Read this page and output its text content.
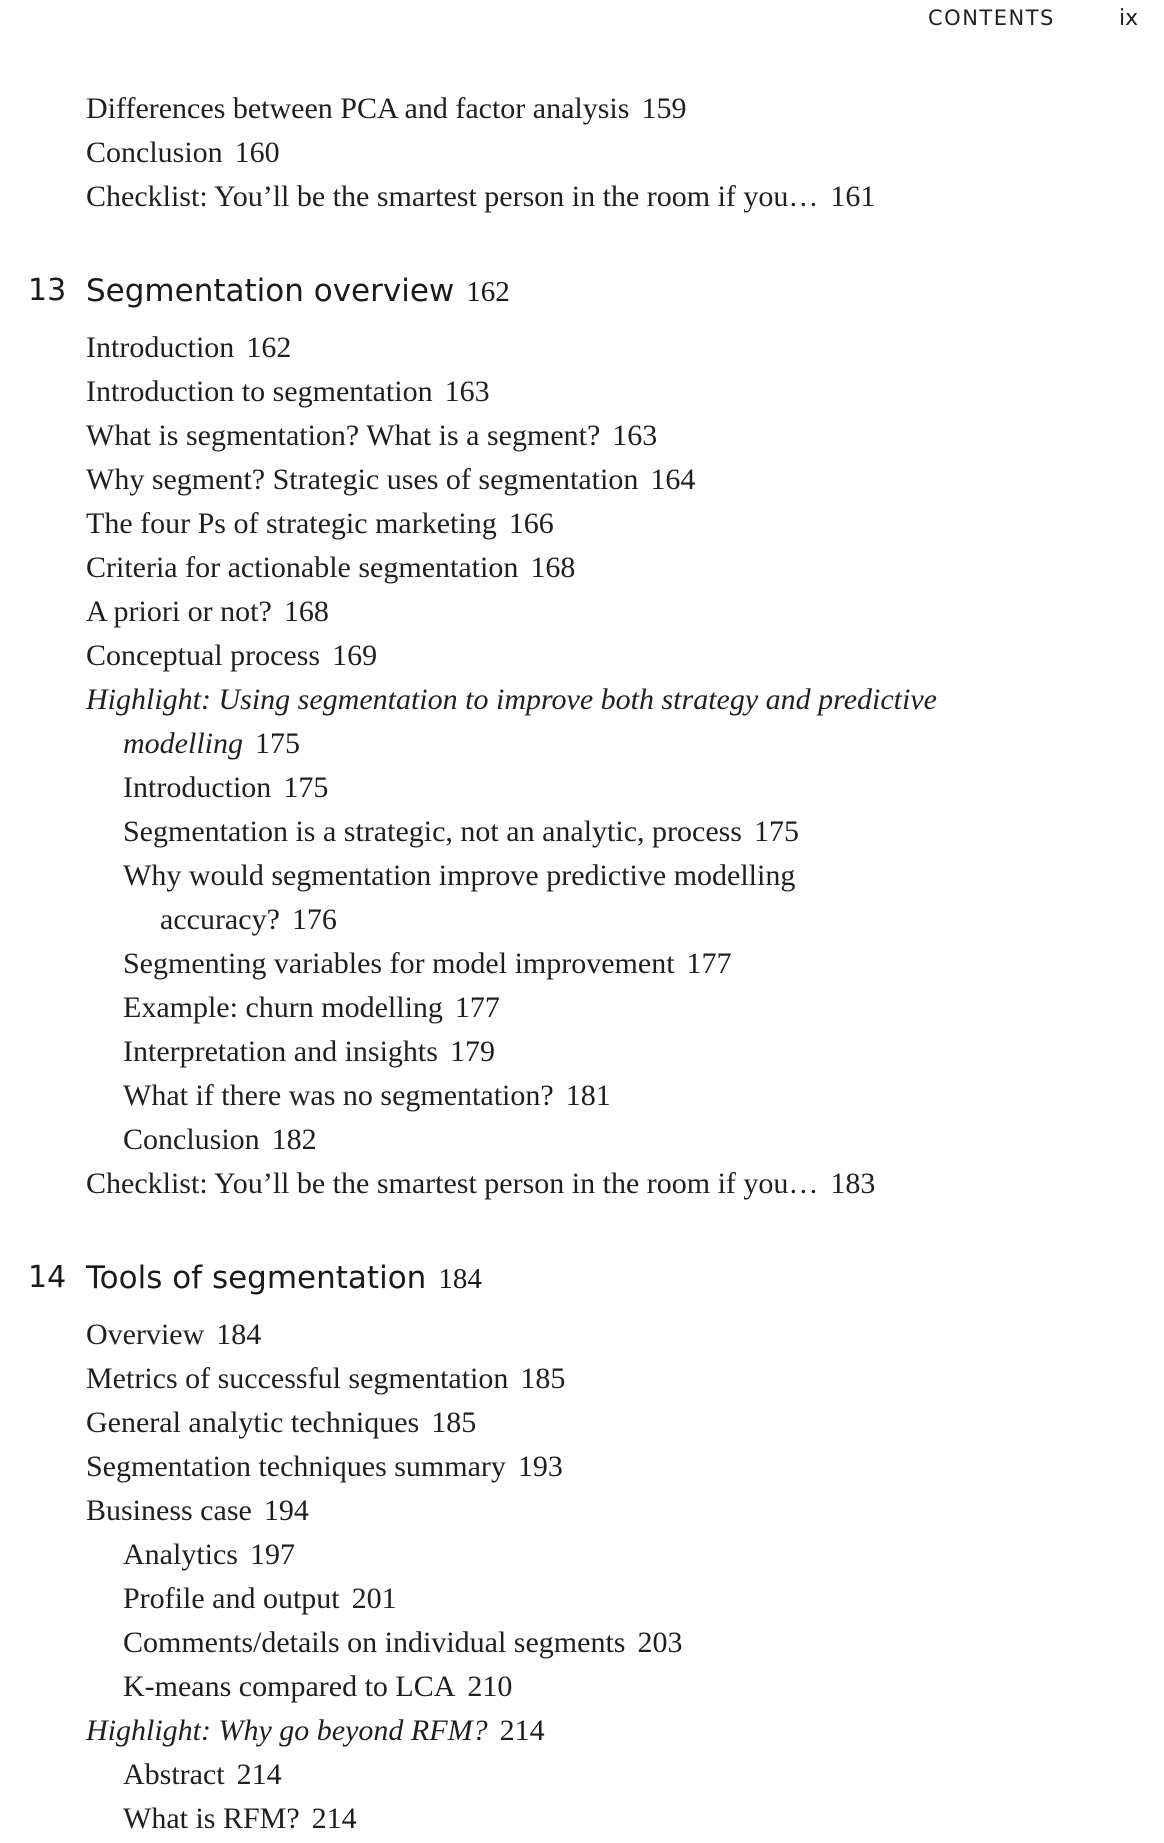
CONTENTS	ix
Differences between PCA and factor analysis 159
Conclusion 160
Checklist: You’ll be the smartest person in the room if you… 161
13 Segmentation overview 162
Introduction 162
Introduction to segmentation 163
What is segmentation? What is a segment? 163
Why segment? Strategic uses of segmentation 164
The four Ps of strategic marketing 166
Criteria for actionable segmentation 168
A priori or not? 168
Conceptual process 169
Highlight: Using segmentation to improve both strategy and predictive
modelling 175
Introduction 175
Segmentation is a strategic, not an analytic, process 175
Why would segmentation improve predictive modelling
accuracy? 176
Segmenting variables for model improvement 177
Example: churn modelling 177
Interpretation and insights 179
What if there was no segmentation? 181
Conclusion 182
Checklist: You’ll be the smartest person in the room if you… 183
14 Tools of segmentation 184
Overview 184
Metrics of successful segmentation 185
General analytic techniques 185
Segmentation techniques summary 193
Business case 194
Analytics 197
Profile and output 201
Comments/details on individual segments 203
K-means compared to LCA 210
Highlight: Why go beyond RFM? 214
Abstract 214
What is RFM? 214
